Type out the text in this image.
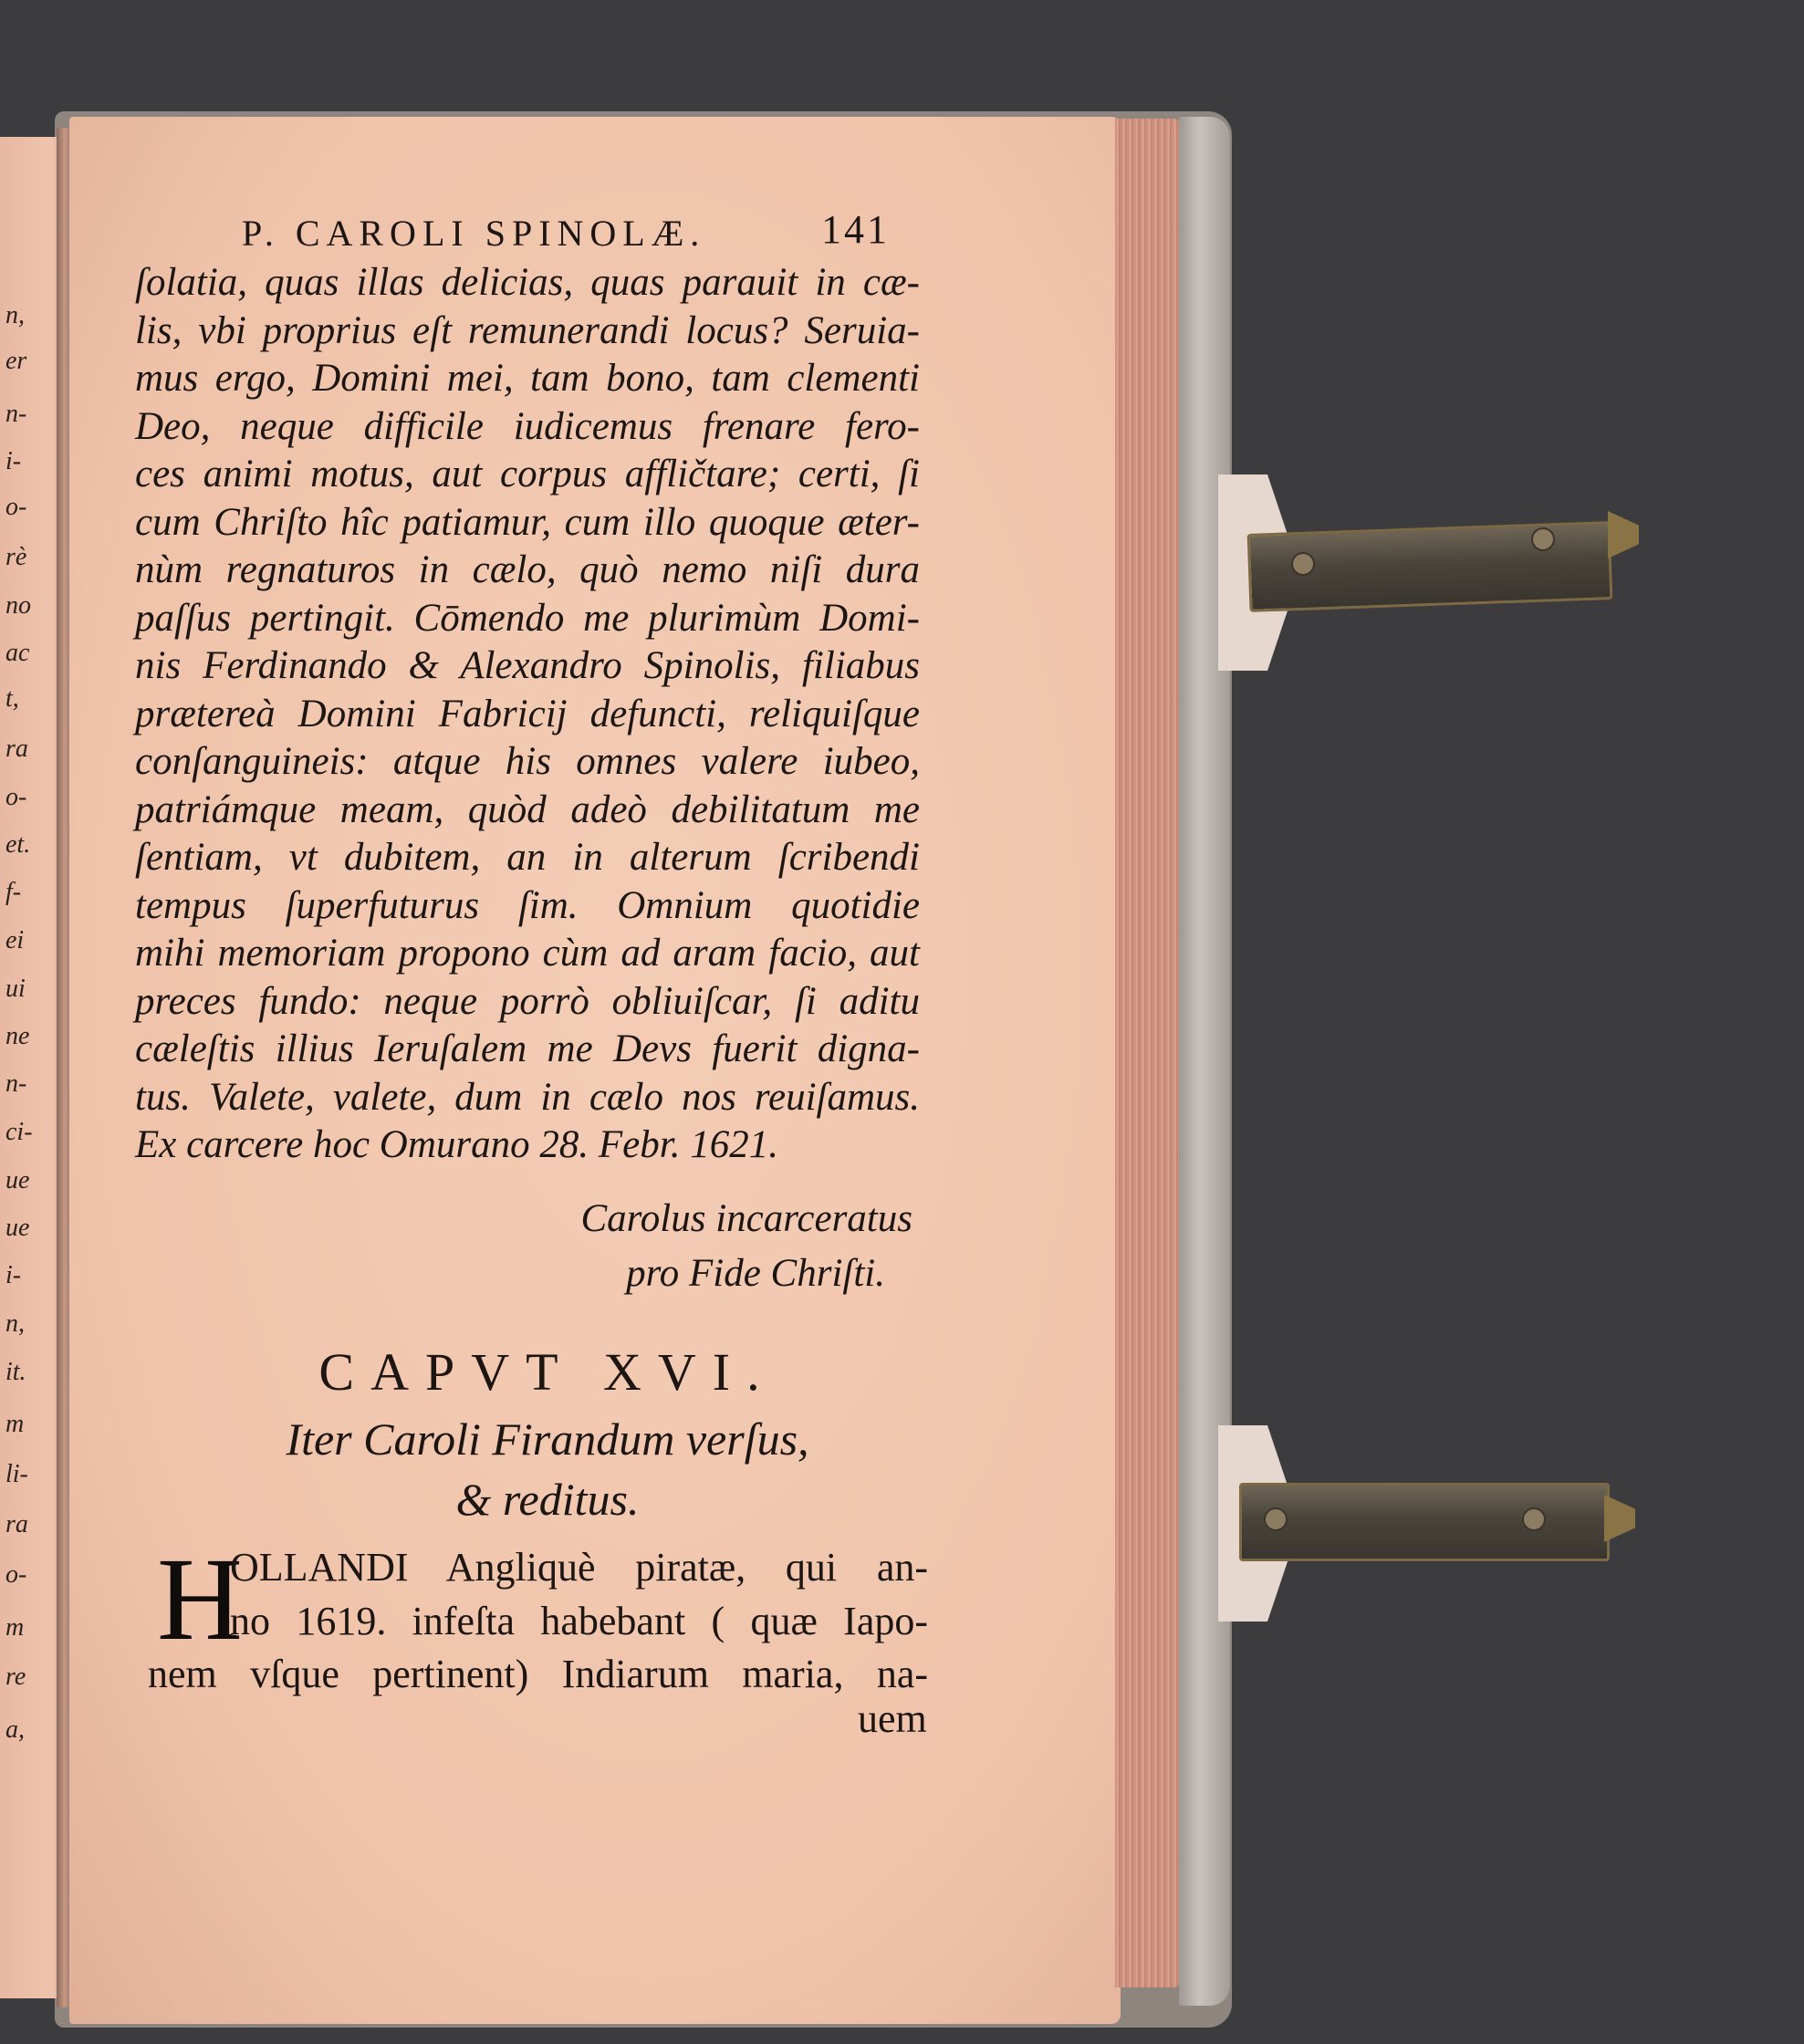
n,
er
n-
i-
o-
rè
no
ac
t,
ra
o-
et.
f-
ei
ui
ne
n-
ci-
ue
ue
i-
n,
it.
m
li-
ra
o-
m
re
a,
P. CAROLI SPINOLÆ.	141
ſolatia, quas illas delicias, quas parauit in cæ-
lis, vbi proprius eſt remunerandi locus? Seruia-
mus ergo, Domini mei, tam bono, tam clementi
Deo, neque difficile iudicemus frenare fero-
ces animi motus, aut corpus affličtare; certi, ſi
cum Chriſto hîc patiamur, cum illo quoque æter-
nùm regnaturos in cælo, quò nemo niſi dura
paſſus pertingit. Cōmendo me plurimùm Domi-
nis Ferdinando & Alexandro Spinolis, filiabus
prætereà Domini Fabricij defuncti, reliquiſque
conſanguineis: atque his omnes valere iubeo,
patriámque meam, quòd adeò debilitatum me
ſentiam, vt dubitem, an in alterum ſcribendi
tempus ſuperfuturus ſim. Omnium quotidie
mihi memoriam propono cùm ad aram facio, aut
preces fundo: neque porrò obliuiſcar, ſi aditu
cæleſtis illius Ieruſalem me Devs fuerit digna-
tus. Valete, valete, dum in cælo nos reuiſamus.
Ex carcere hoc Omurano 28. Febr. 1621.
Carolus incarceratus
pro Fide Chriſti.
CAPVT XVI.
Iter Caroli Firandum verſus,
& reditus.
H
OLLANDI Angliquè piratæ, qui an-
no 1619. infeſta habebant ( quæ Iapo-
nem vſque pertinent) Indiarum maria, na-
uem
